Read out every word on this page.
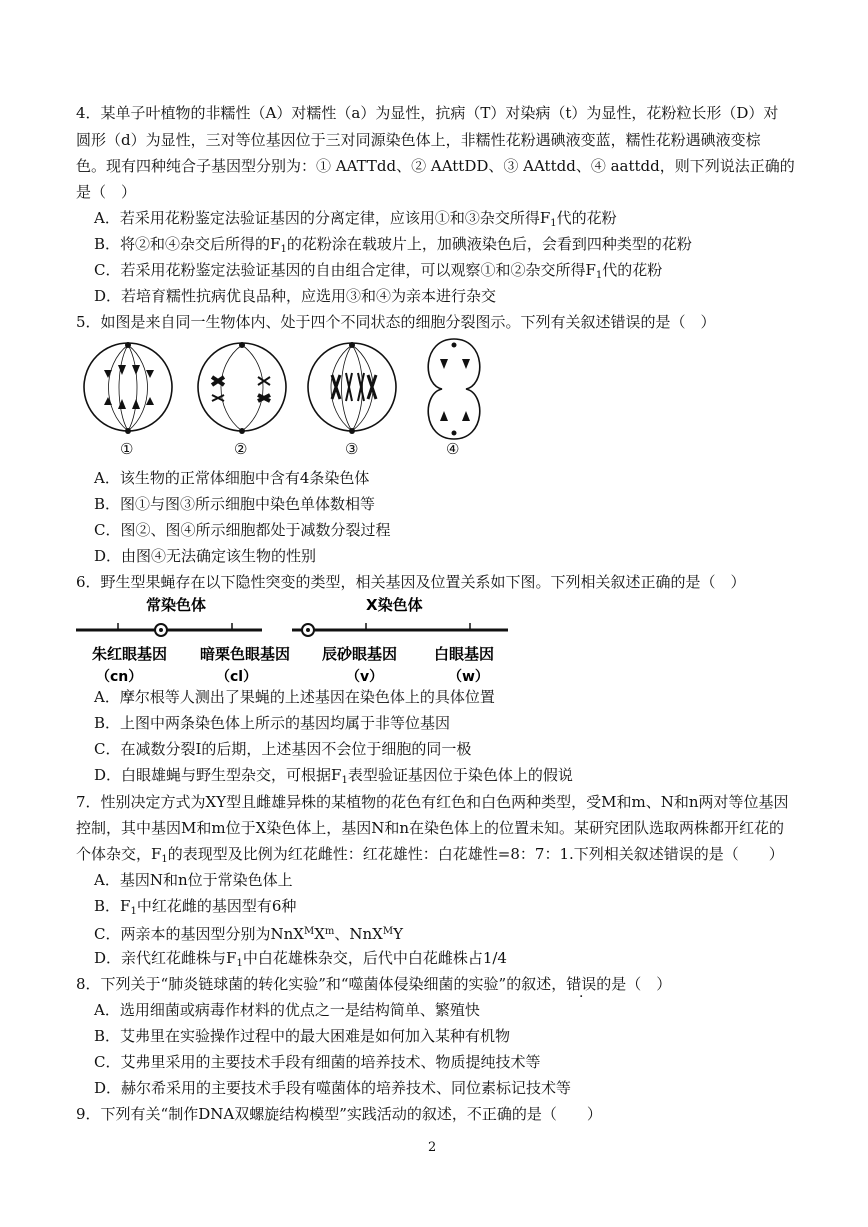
4．某单子叶植物的非糯性（A）对糯性（a）为显性，抗病（T）对染病（t）为显性，花粉粒长形（D）对
圆形（d）为显性，三对等位基因位于三对同源染色体上，非糯性花粉遇碘液变蓝，糯性花粉遇碘液变棕
色。现有四种纯合子基因型分别为：① AATTdd、② AAttDD、③ AAttdd、④ aattdd，则下列说法正确的
是（　）
A．若采用花粉鉴定法验证基因的分离定律，应该用①和③杂交所得$F_1$代的花粉
B．将②和④杂交后所得的$F_1$的花粉涂在载玻片上，加碘液染色后，会看到四种类型的花粉
C．若采用花粉鉴定法验证基因的自由组合定律，可以观察①和②杂交所得$F_1$代的花粉
D．若培育糯性抗病优良品种，应选用③和④为亲本进行杂交
5．如图是来自同一生物体内、处于四个不同状态的细胞分裂图示。下列有关叙述错误的是（　）
①	②	③	④
A．该生物的正常体细胞中含有4条染色体
B．图①与图③所示细胞中染色单体数相等
C．图②、图④所示细胞都处于减数分裂过程
D．由图④无法确定该生物的性别
6．野生型果蝇存在以下隐性突变的类型，相关基因及位置关系如下图。下列相关叙述正确的是（　）
常染色体	X染色体
朱红眼基因 暗栗色眼基因 辰砂眼基因 白眼基因
（cn）	（cl）	（v）	（w）
A．摩尔根等人测出了果蝇的上述基因在染色体上的具体位置
B．上图中两条染色体上所示的基因均属于非等位基因
C．在减数分裂Ⅰ的后期，上述基因不会位于细胞的同一极
D．白眼雄蝇与野生型杂交，可根据$F_1$表型验证基因位于染色体上的假说
7．性别决定方式为XY型且雌雄异株的某植物的花色有红色和白色两种类型，受M和m、N和n两对等位基因
控制，其中基因M和m位于X染色体上，基因N和n在染色体上的位置未知。某研究团队选取两株都开红花的
个体杂交，$F_1$的表现型及比例为红花雌性：红花雄性：白花雄性=8：7：1.下列相关叙述错误的是（　　）
A．基因N和n位于常染色体上
B．$F_1$中红花雌的基因型有6种
C．两亲本的基因型分别为$NnX^MX^m$、NnX$^M$Y
D．亲代红花雌株与$F_1$中白花雄株杂交，后代中白花雌株占1/4
8．下列关于“肺炎链球菌的转化实验”和“噬菌体侵染细菌的实验”的叙述，错误的是（　）
A．选用细菌或病毒作材料的优点之一是结构简单、繁殖快
B．艾弗里在实验操作过程中的最大困难是如何加入某种有机物
C．艾弗里采用的主要技术手段有细菌的培养技术、物质提纯技术等
D．赫尔希采用的主要技术手段有噬菌体的培养技术、同位素标记技术等
9．下列有关“制作DNA双螺旋结构模型”实践活动的叙述，不正确的是（　　）
2
